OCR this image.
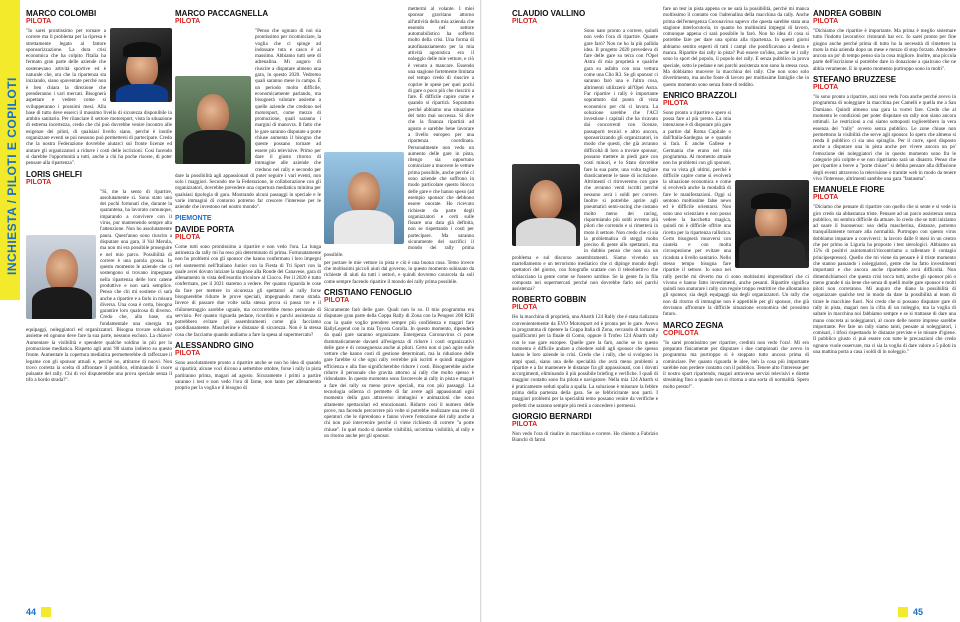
INCHIESTA / PILOTI E COPILOTI
MARCO COLOMBI
PILOTA

"Io sarei prontissimo per tornare a correre ma il problema per la ripresa è strettamente legato al fattore sponsorizzazione. La dura crisi economica che ha colpito l'Italia ha fermato gran parte delle aziende che sostenevano attività sportive ed è naturale che, ora che la ripartenza sta iniziando, siano spaventate perché non è ben chiara la direzione che prenderanno i vari mercati. Bisognerà aspettare e vedere come si svilupperanno i prossimi mesi. Alla base di tutto deve esserci il massimo livello di sicurezza disponibile in ambito sanitario. Per rilanciare il settore motorsport, vista la situazione di estrema incertezza, credo che chi può dovrebbe venire incontro alle esigenze dei piloti, di qualsiasi livello siano, perché è inutile organizzare eventi se poi nessuno può permettersi di partecipare. Credo che la nostra Federazione dovrebbe aiutarci sul fronte licenze ed aiutare gli organizzatori a ridurre i costi delle iscrizioni. Così facendo si darebbe l'opportunità a tutti, anche a chi ha poche risorse, di poter pensare alla ripartenza".

LORIS GHELFI
PILOTA

"Sì, me la sento di ripartire, assolutamente sì. Sono stato uno dei pochi fortunati che, durante la quarantena, ha lavorato comunque, imparando a convivere con il virus, pur mantenendo sempre alta l'attenzione. Non ho assolutamente paura. Quest'anno sono riuscito a disputare una gara, il Val Merula, ma non mi era possibile proseguire e nel mio parco. Possibilità di correre è una parola grossa. In questo momento le aziende che ci sostengono si trovano impegnate nella ripartenza delle loro catene produttive e non sarà semplice. Penso che chi mi sostiene ci sarà anche a ripartire e a farlo in misura diversa. Una cosa è certa, bisogna garantire loro qualcosa di diverso. Credo che, alla base, sia fondamentale una sinergia tra equipaggi, noleggiatori ed organizzatori. Bisogna trovare soluzioni assieme ed ognuno deve fare la sua parte, nessuno escluso. La chiave? Aumentare la visibilità e spendere qualche soldino in più per la promozione mediatica. Rispetto agli anni '80 siamo indietro su questo fronte. Aumentare la copertura mediatica permetterebbe di rafforzare il legame con gli sponsor attuali e, perché no, attirarne di nuovi. Non trovo corretta la scelta di affrontare il pubblico, eliminando il cuore pulsante del rally. Chi di voi disputerebbe una prova speciale senza il tifo a bordo strada?".

MARCO PACCAGNELLA
PILOTA

"Penso che ognuno di noi sia prontissimo per ricominciare, la voglia che ci spinge ad indossare tuta e casco è al massimo. Abbiamo tutti sete di adrenalina. Mi auguro di riuscire a disputare almeno una gara, in questo 2020. Vedremo quali saranno mese in campo. È un periodo molto difficile, economicamente parlando, ma bisognerà valutare assieme a quelle aziende che credono nel motorsport, come mezzo di promozione, quali saranno i margini di manovra. Il fatto che le gare saranno disputate a porte chiuse aumenta il bisogno che queste possano tornare ad essere più televisive. Primo per dare il giusto ritorno di immagine alle aziende che credono nei rally e secondo per dare la possibilità agli appassionati di poter seguire i vari eventi, non solo i maggiori. Secondo me la Federazione, in collaborazione con gli organizzatori, dovrebbe prevedere una copertura mediatica minima per qualsiasi tipologia di gara. Mostrando alcuni passaggi in speciale e le varie immagini di contorno potremo far crescere l'interesse per le aziende che investono nel nostro mondo".

PIEMONTE
DAVIDE PORTA
PILOTA

Come tutti sono prontissimo a ripartire e non vedo l'ora. La lunga astinenza da rally mi ha reso più determinato di prima. Fortunatamente non ho problemi con gli sponsor che hanno confermato i loro impegni nel sostenermi nell'Italiano Junior con la Fiesta di Tti Sport con la quale avrei dovuto iniziare la stagione alla Ronde del Canavese, gara di allenamento in vista dell'esordio tricolore al Ciocco. Per il 2020 è tutto confermato, per il 2021 staremo a vedere. Per quanto riguarda le cose da fare per mettere in sicurezza gli spettatori ai rally forse bisognerebbe ridurre le prove speciali, impegnando meno strada. Invece di passare due volte sulla stessa prova si passa tre e il chilometraggio sarebbe uguale, ma occorrerebbe meno personale di servizio. Per quanto riguarda pedane, ricordini e parchi assistenza si potrebbero evitare gli assembramenti come già facciamo quotidianamente. Mascherine e distanze di sicurezza. Non è la stessa cosa che facciamo quando andiamo a fare la spesa al supermercato?

ALESSANDRO GINO
PILOTA

Sono assolutamente pronto a ripartire anche se non ho idea di quando si ripartirà; alcune voci dicono a settembre ottobre, forse i rally in pista partiranno prima, magari ad agosto. Sicuramente i primi a partire saranno i test e non vedo l'ora di farne, non tanto per allenamento proprio per la voglia e il bisogno di

mettermi al volante. I miei sponsor gravitano attorno all'attività della mia azienda che essendo nel settore automobilistico ha sofferto molto della crisi. Una forma di autofinanziamento per la mia attività agonistica era il noleggio delle mie vetture, e ciò è venuto a mancare. Essendo una stagione fortemente limitata nel tempo credo di riuscire a coprire le spese per quei pochi di gare o poco più che riuscirò a fare. È difficile capire come e quando si ripartirà. Sopratutto perché abbiamo una situazione del tutto mai successa. Si dice che la finanza ripartirà ad agosto e sarebbe bene lavorare a livello europeo per una ripartenza coordinata. Personalmente non vedo un aumento delle gare in pista, ritengo sia opportuno cominciare a muovere le vetture prima possibile, anche perché ci sono aziende che soffrono in modo particolare questo blocco delle gare e che hanno speso (ad esempio sponsor che debbono essere onorate. Ho ricevuto richieste da parte degli organizzatori e certi sulle fissare una data già definita, non se rispettando i costi per partecipare. Ma saranno sicuramente dei sacrifici il mondo dei rally prima possibile.

per portare le mie vetture in pista e ciò è una buona cosa. Temo invece che moltissimi piccoli aiuti dal governo, in questo momento subissato da richieste di aiuti da tutti i settori, e quindi dovremo cavarcela da soli come sempre facendo ripartire il mondo dei rally prima possibile.

CRISTIANO FENOGLIO
PILOTA

Sicuramente farò delle gare. Quali non lo so. Il mio programma era disputare gran parte della Coppa Rally di Zona con la Peugeot 208 R2B con la quale voglio prendere sempre più confidenza e magari fare RallyLegend con la mia Toyota Corolla. In questo momento, dipenderà da quali gare saranno organizzate. Emergenza Coronavirus ci pone drammaticamente davanti all'esigenza di ridurre i costi organizzativi delle gare e di conseguenza anche ai piloti. Certo non si può agire sulle vetture che hanno costi di gestione determinati, ma la riduzione delle gare farebbe sì che ogni rally verrebbe più iscritti e quindi maggiore efficienza e alla fine significherebbe ridurre i costi. Bisognerebbe anche ridurre il personale che gravita attorno ai rally che molto spesso è ridondante. In questo momento sono favorevole ai rally in pista e magari a fare dei rally su meno prove speciali, ma con più passaggi. La tecnologia odierna ci permette di far avere agli appassionati ogni momento della gara attraverso immagini e animazioni che sono altamente spettacolari ed emozionanti. Ridurre così il numero delle prove, ma facendo percorrere più volte si potrebbe realizzare una rete di operatori che le riprendono e fanno vivere l'emozione del rally anche a chi non può intervenire perché ci viene richiesto di correre "a porte chiuse". In quel modo si darebbe visibilità, un'ottima visibilità, al rally e un ritorno anche per gli sponsor.

CLAUDIO VALLINO
PILOTA

Sono nato pronto a correre, quindi non vedo l'ora di ripartire. Quante gare farò? Non ne ho la più pallida idea. Il progetto 2020 prevedeva di fare delle gare su terra con l'Opel Astra di mia proprietà e qualche gara su asfalto con una vettura come una Clio R3. Se gli sponsor ci saranno farò una e l'altra cosa, altrimenti utilizzerò all'Opel Astra. Far ripartire i rally è importante soprattutto dal punto di vista economico per chi ci lavora. La soluzione sarebbe che l'ACI investisse i capitali che ha ricavato dai concorrenti con licenze, passaporti tecnici e altro ancora, sponsorizzando gli organizzatori, in modo che questi, che già avranno difficoltà di loro a trovare sponsor, possano mettere in piedi gare con costi minori, e lo Stato dovrebbe fare la sua parte, una volta tagliare drasticamente le tasse di iscrizione. Altrimenti ci ritroveremo con gare che avranno venti iscritti perché nessuno avrà i soldi per correre. Inoltre si potrebbe aprire agli pneumatici semi-racing che costano molto meno dei racing, risparmiando più soldi avremo più piloti che correndo e si rimetterà in moto il settore. Non credo che ci sia la problematica di steggi molto preciso di gente allo spettatori, ma in dubbio penso che non sia un problema e sul discorso assembramenti. Siamo vivendo un martellamento e un terrorismo mediatico che ci dipinge mondo degli spettatori del giorno, con fotografie scattate con il teleobiettivo che schiacciano la gente come se fossero sardine. Se la gente fa la fila composta nei supermercati perché non dovrebbe farlo nei parchi assistenza?

ROBERTO GOBBIN
PILOTA

Ho la macchina di proprietà, una Abarth 124 Rally che è stata rializzata convenientemente da EVO Motorsport ed è pronta per le gare. Avevo in programma di ripetere la Coppa Italia di Zona, cercando di tornare a qualificarmi per la finale di Como, oppure il Trofeo 124 Abarth rally con le sue gare europee. Quelle gare la farò, anche se in questo momento è difficile andare a chiedere soldi agli sponsor che spesso hanno le loro aziende in crisi. Credo che i rally, che si svolgono in ampi spazi, siano una delle specialità che avrà meno problemi a ripartire e a far mantenere le distanze fra gli appassionati, con i dovuti accorgimenti, eliminando il più possibile briefing e verifiche. I quali di maggior contatto sono fra pilota e navigatore. Nella mia 124 Abarth si è praticamente seduti spalla a spalla. La soluzione è misurare la febbre prima della partenza della gara. Se se febbricitante non parti. I maggiori problemi per la specialità temo possano venire da verifiche e prefetti che saranno sempre più restii a concedere i permessi.

GIORGIO BERNARDI
PILOTA

Non vedo l'ora di risalire in macchina e correre. Ho chiesto a Fabrizio Bianchi di farmi

fare un test in pista appena ce ne sarà la possibilità, perché mi manca moltissimo il contatto con l'adrenalina della macchina da rally. Anche prima dell'emergenza Coronavirus sapevo che questa sarebbe stata una stagione interlocutoria, in quanto ho moltissimi impegni di lavoro, comunque appena ci sarà possibile lo farò. Non ho idea di cosa si potrebbe fare per dare una spinta alla ripartenza. In questi giorni abbiamo sentito esperti di tutti i campi che pontificavano a destra e manca. Ripartire dai rally in pista? Può essere un'idea, anche se i rally sono lo sport del popolo, il popolo dei rally. E senza pubblico la prova speciale, sotto le pedane e nei parchi assistenza non sono la stessa cosa. Ma dobbiamo muovere la macchina dei rally. Che non sono solo divertimento, ma anche fonte di lavoro per moltissime famiglie che in questo momento sono senza fonte di reddito.

ENRICO BRAZZOLI
PILOTA

Sono pronto a ripartire e spero si possa fare al più presto. La mia intenzione è di disputare più gare a partire dal Roma Capitale o dall'Italia-Sardegna se e quando si farà. E anche Gallese e Germania che erano nei mio programma. Al momento attuale non ho problemi con gli sponsor, ma va vista gli ultimi, perché è difficile capire come si evolverà la situazione economica e come si evolverà anche la modalità di fare le manifestazioni. Oggi si sentono moltissime false news ed è difficile orientarsi. Non sono uno scienziato e non posso vedere la bacchetta magica, quindi mi è difficile offrire una ricetta per la ripartenza rallistica. Certo bisognerà muoversi con cautela e con molta circospezione per evitare una ricaduta a livello sanitario. Nello stesso tempo bisogna fare ripartire il settore. Io sono nei rally perché mi diverto ma ci sono moltissimi imprenditori che ci vivono e hanno fatto investimenti, anche pesanti. Ripartire significa quindi non snaturare i rally con regole troppo restrittive che allontanino gli sponsor, sia degli equipaggi sia degli organizzatori. Un rally che non dà ritorno di immagine non è appetibile per gli sponsor, che già dovranno affrontare la difficile situazione economica del prossimo futuro.

MARCO ZEGNA
COPILOTA

"Io sarei prontissimo per ripartire, credimi non vedo l'ora!. Mi ero preparato fisicamente per disputare i due campionati che avevo in programma ma purtroppo si è stoppato tutto ancora prima di cominciare. Per quanto riguarda le idee, beh la cosa più importante sarebbe non perdere contatto con il pubblico. Tenere alto l'interesse per il nostro sport ripartendo, magari attraverso servizi televisivi e dirette streaming fino a quando non si ritorna a una sorta di normalità. Spero molto presto!".

ANDREA GOBBIN
PILOTA

"Dichiamo che ripartire è importante. Ma prima è meglio sistemare tutto l'indotto lavorativo: ristoranti bar ecc. Io sarei pronto per fine giugno anche perché prima di tutto ho la necessità di rimettere in moto la mia azienda dopo un mese e mezzo di stop forzato. Attendere ancora un po' di tempo penso sia la cosa migliore. Inoltre, una piccola parte dell'iscrizione si potrebbe dare in donazione a qualcuno che ne abbia veramente. E in questo momento purtroppo sono in molti".

STEFANO BRUZZESE
PILOTA

"Io sono pronto a ripartire, anzi non vedo l'ora anche perché avevo in programma di noleggiare la macchina per Camelli e quella me a San Damiano. Quindi almeno una gara la vorrei fare. Credo che al momento le condizioni per poter disputare un rally non siano ancora ottimali. Le restrizioni a cui siamo sottoposti toglierebbero la vera essenza dei "rally" ovvero senza pubblico. Le zone chiuse non permettono la visibilità che serve agli sponsor. Io spero che almeno si renda il pubblico ci sia uno spiraglio. Per il corre, speri disposto anche a disputare una in pista anche per vivere ancora un po' l'emozione dei noleggiatori che in questo momento sono fra le categorie più colpite e se non ripartiamo sarà un disastro. Penso che per ripartire a breve a "porte chiuse" si debba pensare alla diffusione degli eventi attraverso la televisione o tramite web in modo da tenere vivo l'interesse, altrimenti sarebbe una gara "fantasma".

EMANUELE FIORE
PILOTA

"Diciamo che pensare di ripartire con quello che si sente e si vede in giro credo sia abbastanza triste. Pensare ad un parco assistenza senza pubblico, mi sembra difficile da attuare. Io credo che se tutti iniziamo ad usare il buonsenso: uso della mascherina, distanze, potremo tranquillamente tornare alla normalità. Purtroppo con questo virus dobbiamo imparare a conviverci: la lavoro dalle 8 mesi in un centro che per primo in Liguria ha proposto i test sierologici. Abbiamo un 15% di positivi asintomatici/riscontriamo a rallentare il contagio principespresso). Quello che mi viene da pensare è il triste momento che stanno passando i noleggiatori, gente che ha fatto investimenti importanti e che ancora anche ripartendo avrà difficoltà. Non dimentichiamoci che questa crisi tocca tutti, anche gli sponsor più o meno grande ti sia bene che senza di quelli molte gare sponsor e molti piloti non correranno. Mi auguro che diano la possibilità di organizzare qualche test in modo da dare la possibilità ai team di tirare le macchine fuori. Noi credo che si possano disputare gare di rally in pista, magari non la cifra di un noleggio, ma la voglia di saltare in macchina noi fabbiamo sempre e se si trattasse di dare una mano concreta ai noleggiatori, al cuore delle nostre imprese sarebbe importante. Per fare un rally siamo tanti, pensate ai noleggiatori, i comisari, i tifosi rispettando le distanze previste e le misure d'igiene. Il pubblico giusto ci può essere con tutte le precauzioni che credo ognuno vuole osservare, ma ci sia la voglia di dare valore a 5 piloti in una mattina porta a casa i soldi di in noleggio."

44	45
